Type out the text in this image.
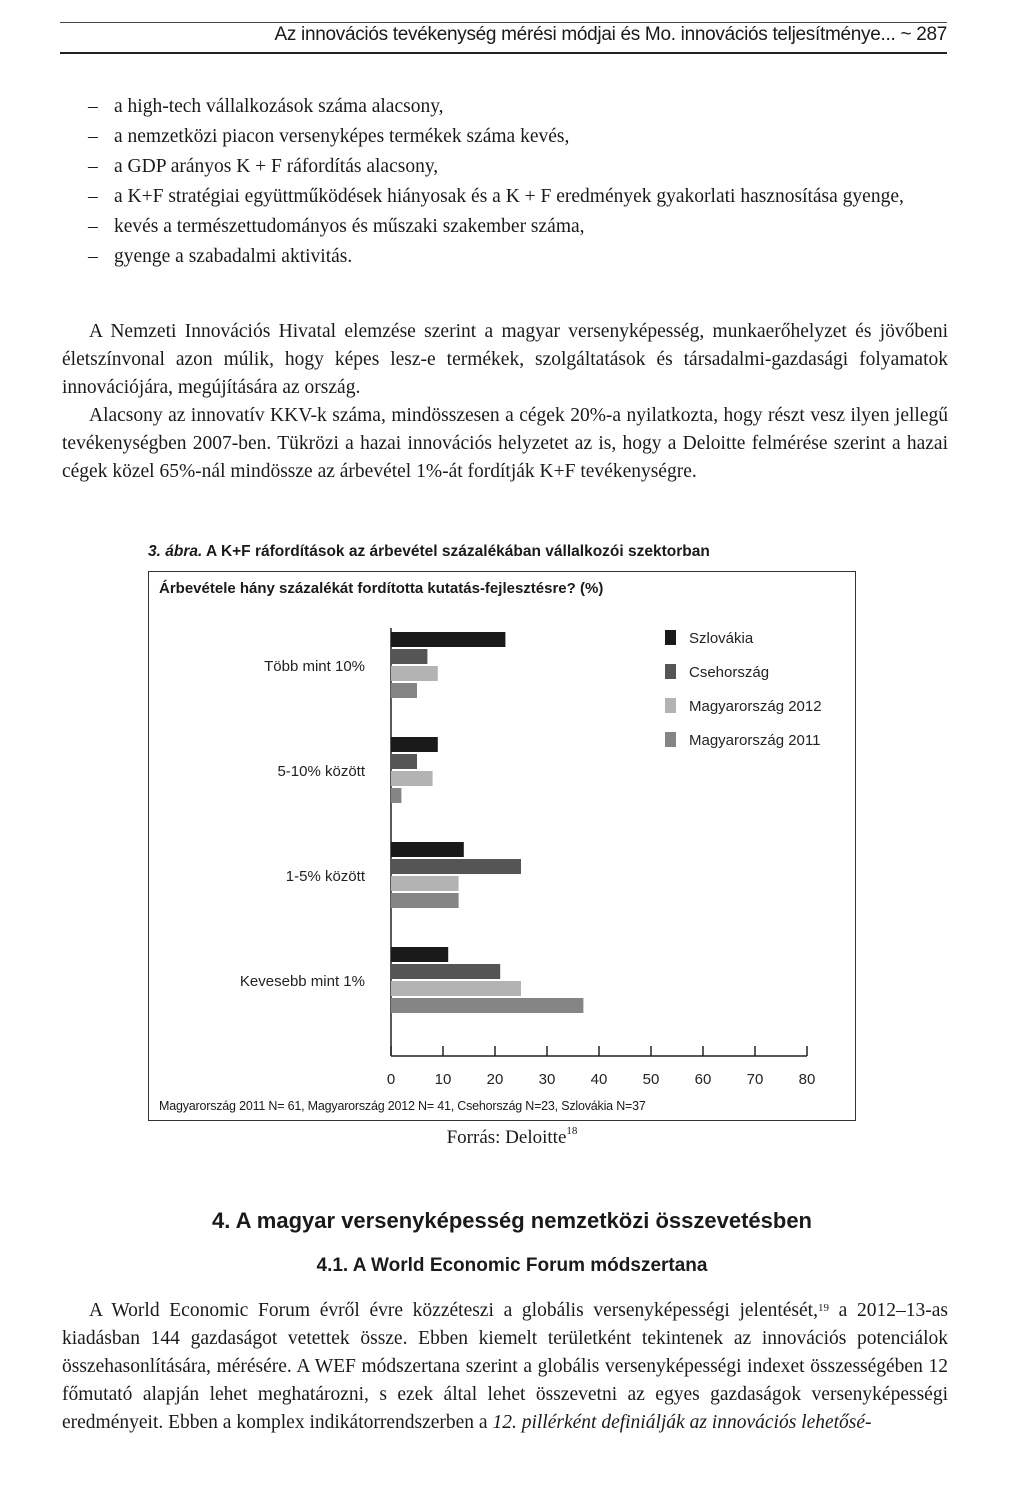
Az innovációs tevékenység mérési módjai és Mo. innovációs teljesítménye... ~ 287
– a high-tech vállalkozások száma alacsony,
– a nemzetközi piacon versenyképes termékek száma kevés,
– a GDP arányos K + F ráfordítás alacsony,
– a K+F stratégiai együttműködések hiányosak és a K + F eredmények gyakorlati hasznosítása gyenge,
– kevés a természettudományos és műszaki szakember száma,
– gyenge a szabadalmi aktivitás.
A Nemzeti Innovációs Hivatal elemzése szerint a magyar versenyképesség, munkaerőhelyzet és jövőbeni életszínvonal azon múlik, hogy képes lesz-e termékek, szolgáltatások és társadalmi-gazdasági folyamatok innovációjára, megújítására az ország.
Alacsony az innovatív KKV-k száma, mindösszesen a cégek 20%-a nyilatkozta, hogy részt vesz ilyen jellegű tevékenységben 2007-ben. Tükrözi a hazai innovációs helyzetet az is, hogy a Deloitte felmérése szerint a hazai cégek közel 65%-nál mindössze az árbevétel 1%-át fordítják K+F tevékenységre.
3. ábra. A K+F ráfordítások az árbevétel százalékában vállalkozói szektorban
Árbevétele hány százalékát fordította kutatás-fejlesztésre? (%)
0	10 20 30 40 50 60 70 80
Több mint 10%
5-10% között
1-5% között
Kevesebb mint 1%
Szlovákia
Csehország
Magyarország 2012
Magyarország 2011
Magyarország 2011 N= 61, Magyarország 2012 N= 41, Csehország N=23, Szlovákia N=37
Forrás: Deloitte$^{18}$
4. A magyar versenyképesség nemzetközi összevetésben
4.1. A World Economic Forum módszertana
A World Economic Forum évről évre közzéteszi a globális versenyképességi jelentését,$^{19}$ a 2012–13-as kiadásban 144 gazdaságot vetettek össze. Ebben kiemelt területként tekintenek az innovációs potenciálok összehasonlítására, mérésére. A WEF módszertana szerint a globális versenyképességi indexet összességében 12 főmutató alapján lehet meghatározni, s ezek által lehet összevetni az egyes gazdaságok versenyképességi eredményeit. Ebben a komplex indikátorrendszerben a 12. pillérként definiálják az innovációs lehetősé-
